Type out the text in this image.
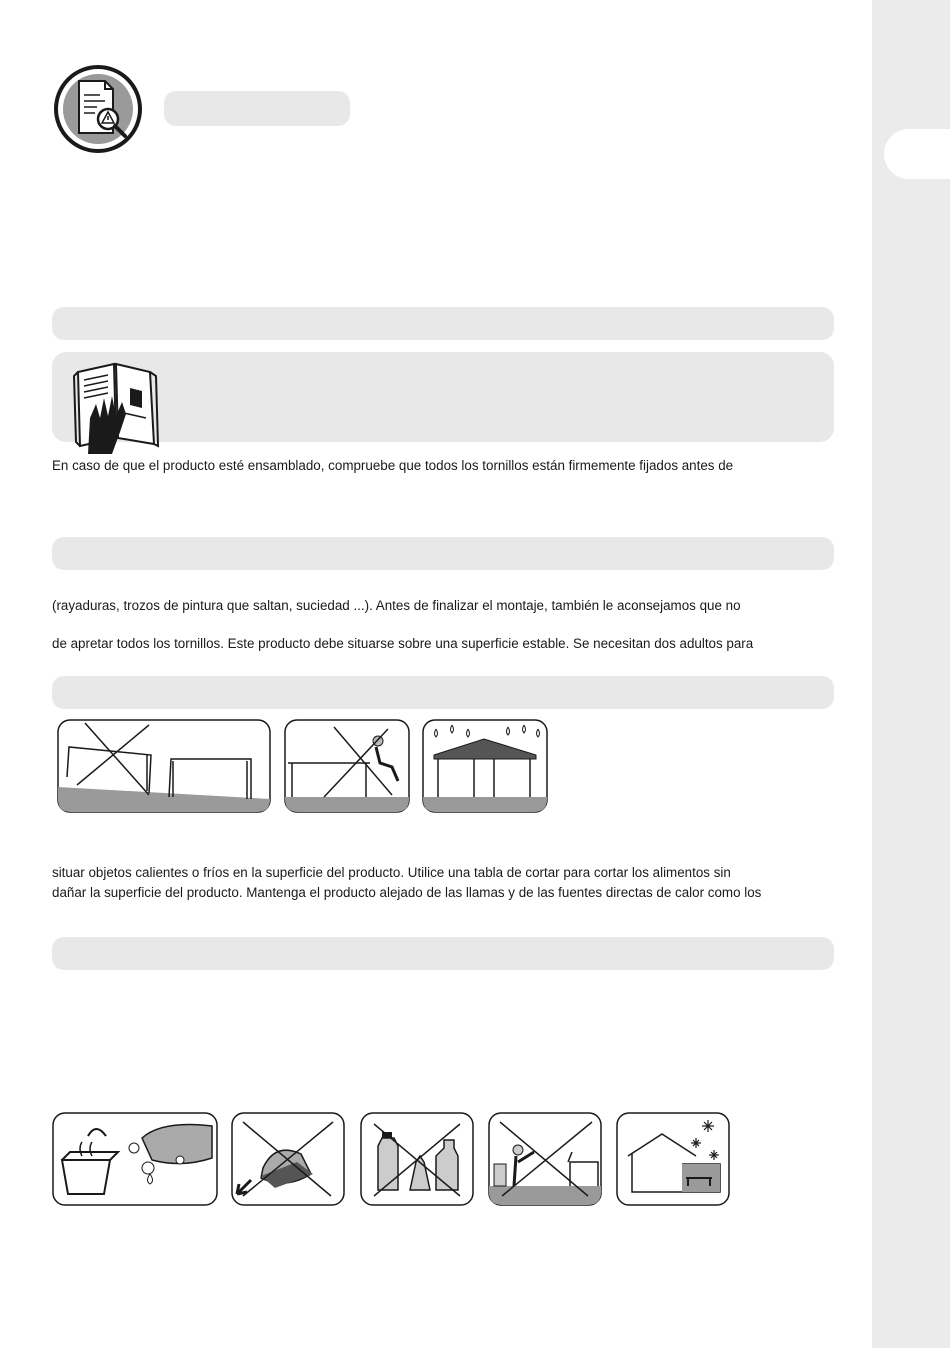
En caso de que el producto esté ensamblado, compruebe que todos los tornillos están firmemente fijados antes de
(rayaduras, trozos de pintura que saltan, suciedad ...). Antes de finalizar el montaje, también le aconsejamos que no
de apretar todos los tornillos. Este producto debe situarse sobre una superficie estable. Se necesitan dos adultos para
situar objetos calientes o fríos en la superficie del producto. Utilice una tabla de cortar para cortar los alimentos sin
dañar la superficie del producto. Mantenga el producto alejado de las llamas y de las fuentes directas de calor como los
